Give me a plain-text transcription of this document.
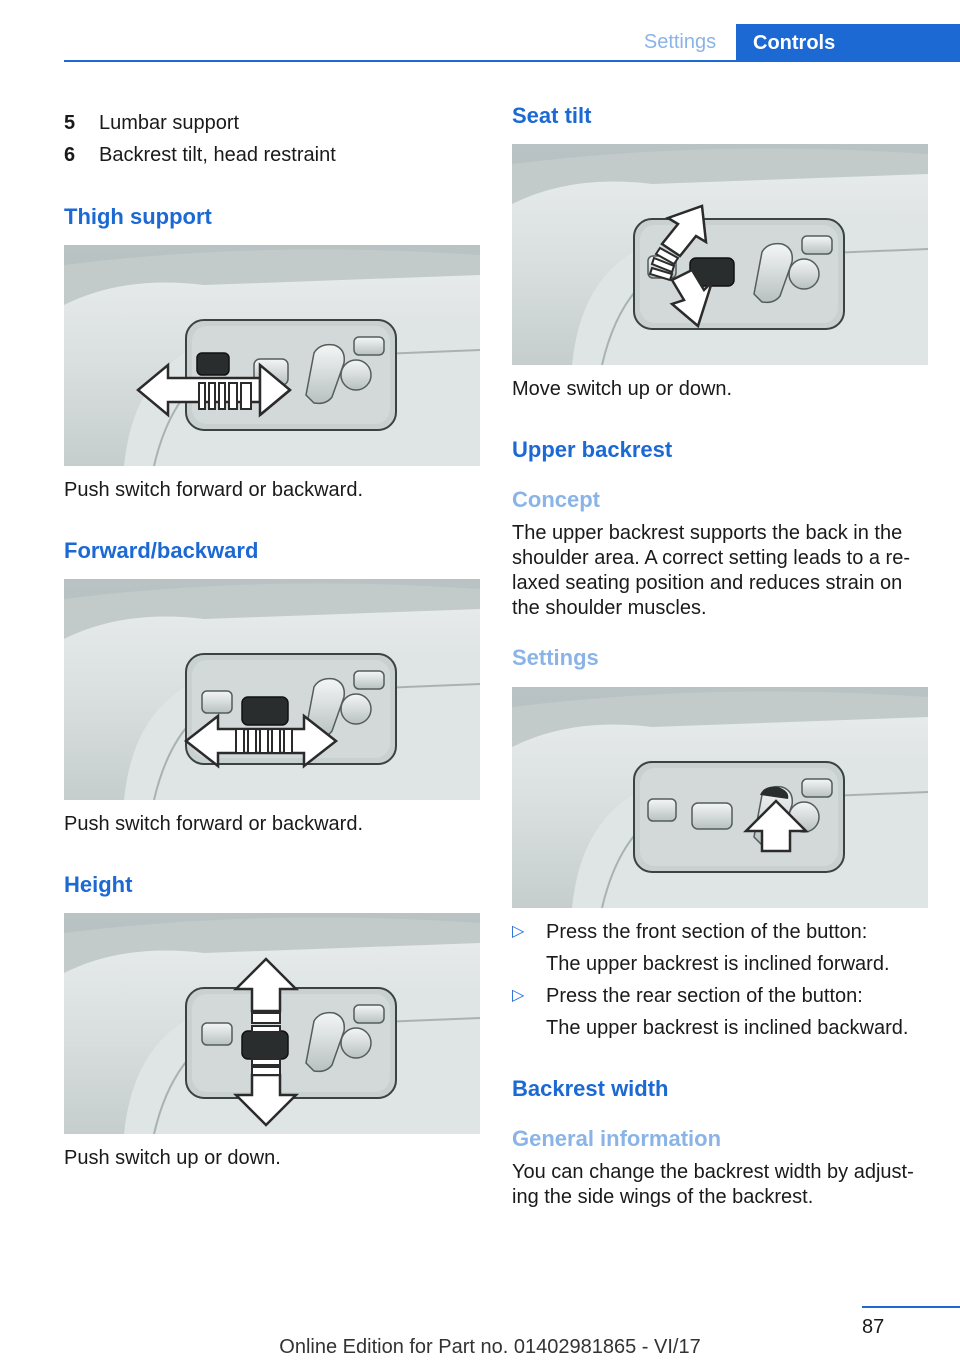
Settings	Controls
5 Lumbar support
6 Backrest tilt, head restraint
Thigh support
Push switch forward or backward.
Forward/backward
Push switch forward or backward.
Height
Push switch up or down.
Seat tilt
Move switch up or down.
Upper backrest
Concept
The upper backrest supports the back in the
shoulder area. A correct setting leads to a re‐
laxed seating position and reduces strain on
the shoulder muscles.
Settings
▷ Press the front section of the button:
The upper backrest is inclined forward.
▷ Press the rear section of the button:
The upper backrest is inclined backward.
Backrest width
General information
You can change the backrest width by adjust‐
ing the side wings of the backrest.
87
Online Edition for Part no. 01402981865 - VI/17
